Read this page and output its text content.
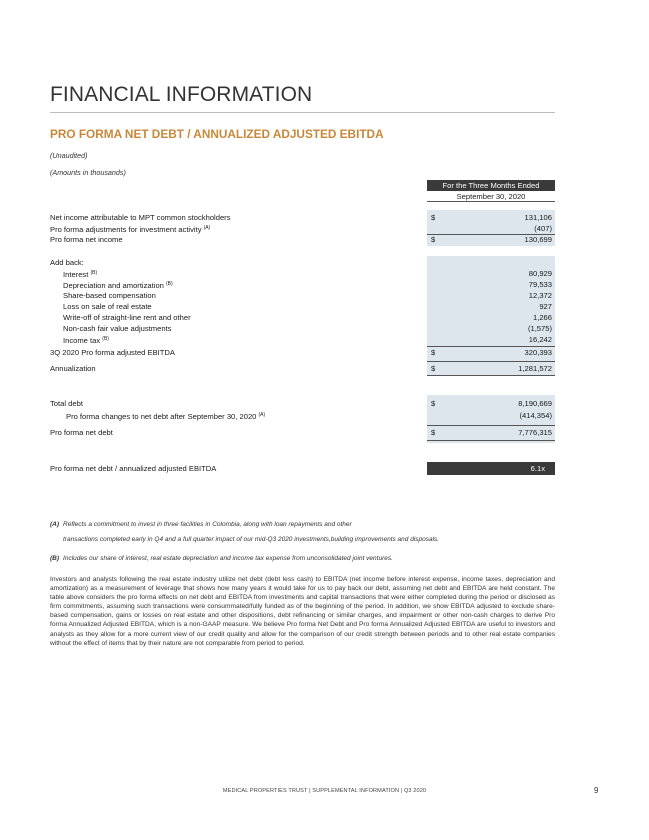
FINANCIAL INFORMATION
PRO FORMA NET DEBT / ANNUALIZED ADJUSTED EBITDA
(Unaudited)
(Amounts in thousands)
For the Three Months Ended
September 30, 2020
Net income attributable to MPT common stockholders	$	131,106
Pro forma adjustments for investment activity $^{(A)}$	(407)
Pro forma net income	$	130,699
Add back:
Interest $^{(B)}$	80,929
Depreciation and amortization $^{(B)}$	79,533
Share-based compensation	12,372
Loss on sale of real estate	927
Write-off of straight-line rent and other	1,266
Non-cash fair value adjustments	(1,575)
Income tax $^{(B)}$	16,242
3Q 2020 Pro forma adjusted EBITDA	$	320,393
Annualization	$	1,281,572
Total debt	$	8,190,669
Pro forma changes to net debt after September 30, 2020 $^{(A)}$	(414,354)
Pro forma net debt	$	7,776,315
Pro forma net debt / annualized adjusted EBITDA	6.1x
(A) Reflects a commitment to invest in three facilities in Colombia, along with loan repayments and other
transactions completed early in Q4 and a full quarter impact of our mid-Q3 2020 investments,building improvements and disposals.
(B) Includes our share of interest, real estate depreciation and income tax expense from unconsolidated joint ventures.
Investors and analysts following the real estate industry utilize net debt (debt less cash) to EBITDA (net income before interest expense, income taxes, depreciation and amortization) as a measurement of leverage that shows how many years it would take for us to pay back our debt, assuming net debt and EBITDA are held constant. The table above considers the pro forma effects on net debt and EBITDA from investments and capital transactions that were either completed during the period or disclosed as firm commitments, assuming such transactions were consummated/fully funded as of the beginning of the period. In addition, we show EBITDA adjusted to exclude share-based compensation, gains or losses on real estate and other dispositions, debt refinancing or similar charges, and impairment or other non-cash charges to derive Pro forma Annualized Adjusted EBITDA, which is a non-GAAP measure. We believe Pro forma Net Debt and Pro forma Annualized Adjusted EBITDA are useful to investors and analysts as they allow for a more current view of our credit quality and allow for the comparison of our credit strength between periods and to other real estate companies without the effect of items that by their nature are not comparable from period to period.
MEDICAL PROPERTIES TRUST | SUPPLEMENTAL INFORMATION | Q3 2020	9
